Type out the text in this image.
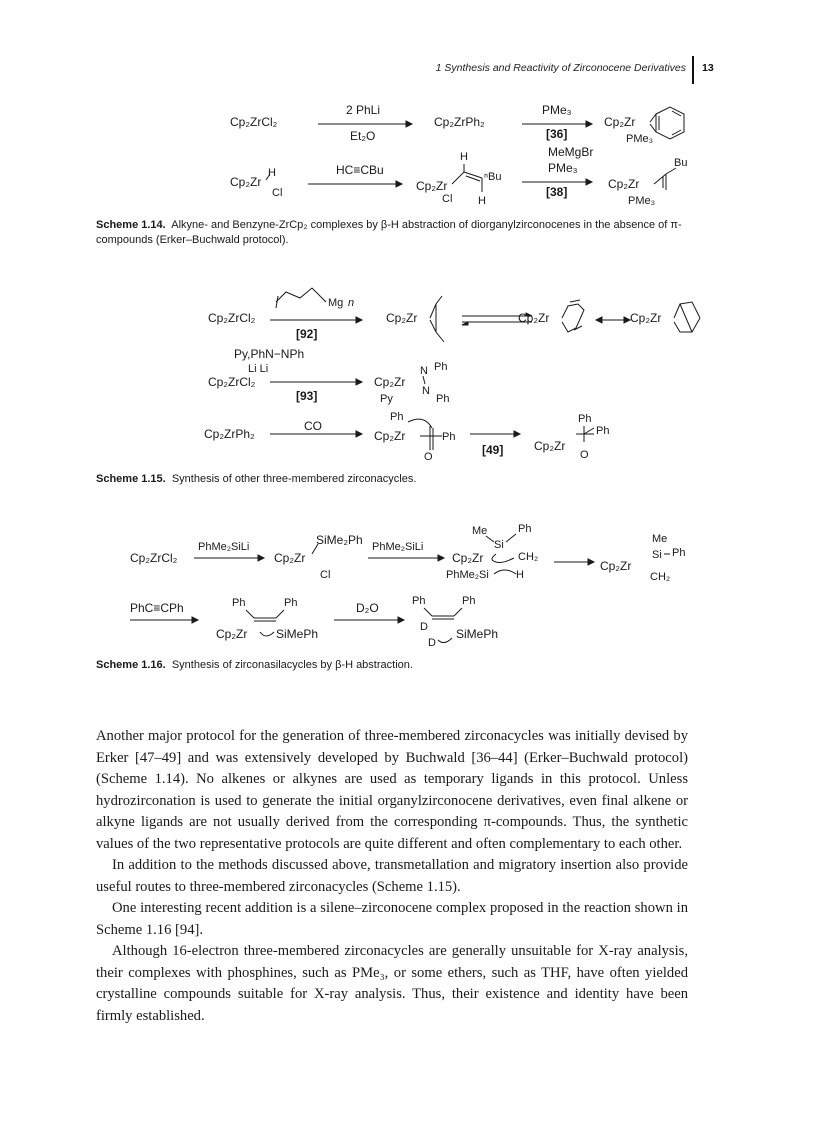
1 Synthesis and Reactivity of Zirconocene Derivatives 13
Cp₂ZrCl₂
2 PhLi
Et₂O
Cp₂ZrPh₂
PMe₃
[36]
Cp₂Zr
PMe₃
Cp₂Zr
H
Cl
HC≡CBu
Cp₂Zr
H
ⁿBu
Cl H
MeMgBr
PMe₃
[38]
Cp₂Zr
Bu
PMe₃
Scheme 1.14. Alkyne- and Benzyne-ZrCp₂ complexes by β-H abstraction of diorganylzirconocenes in the absence of π-compounds (Erker–Buchwald protocol).
Cp₂ZrCl₂
Mg n
[92]
Cp₂Zr	Cp₂Zr	Cp₂Zr
Py,PhN−NPh
Li Li
Cp₂ZrCl₂
[93]
Cp₂Zr
N Ph
N
Ph
Py
Cp₂ZrPh₂
CO
Cp₂Zr
Ph
Ph
O	[49]	Cp₂Zr
Ph
Ph
O
Scheme 1.15. Synthesis of other three-membered zirconacycles.
Cp₂ZrCl₂
PhMe₂SiLi
Cp₂Zr
SiMe₂Ph
Cl
PhMe₂SiLi
Me	Ph
Si
Cp₂Zr	CH₂
PhMe₂Si H
Me
Si Ph
Cp₂Zr
CH₂
PhC≡CPh	Ph	Ph
Cp₂Zr SiMePh
D₂O	Ph	Ph
D
D
SiMePh
Scheme 1.16. Synthesis of zirconasilacycles by β-H abstraction.

Another major protocol for the generation of three-membered zirconacycles was initially devised by Erker [47–49] and was extensively developed by Buchwald [36–44] (Erker–Buchwald protocol) (Scheme 1.14). No alkenes or alkynes are used as temporary ligands in this protocol. Unless hydrozirconation is used to generate the initial organylzirconocene derivatives, even final alkene or alkyne ligands are not usually derived from the corresponding π-compounds. Thus, the synthetic values of the two representative protocols are quite different and often complementary to each other.

In addition to the methods discussed above, transmetallation and migratory insertion also provide useful routes to three-membered zirconacycles (Scheme 1.15).

One interesting recent addition is a silene–zirconocene complex proposed in the reaction shown in Scheme 1.16 [94].

Although 16-electron three-membered zirconacycles are generally unsuitable for X-ray analysis, their complexes with phosphines, such as PMe₃, or some ethers, such as THF, have often yielded crystalline compounds suitable for X-ray analysis. Thus, their existence and identity have been firmly established.
